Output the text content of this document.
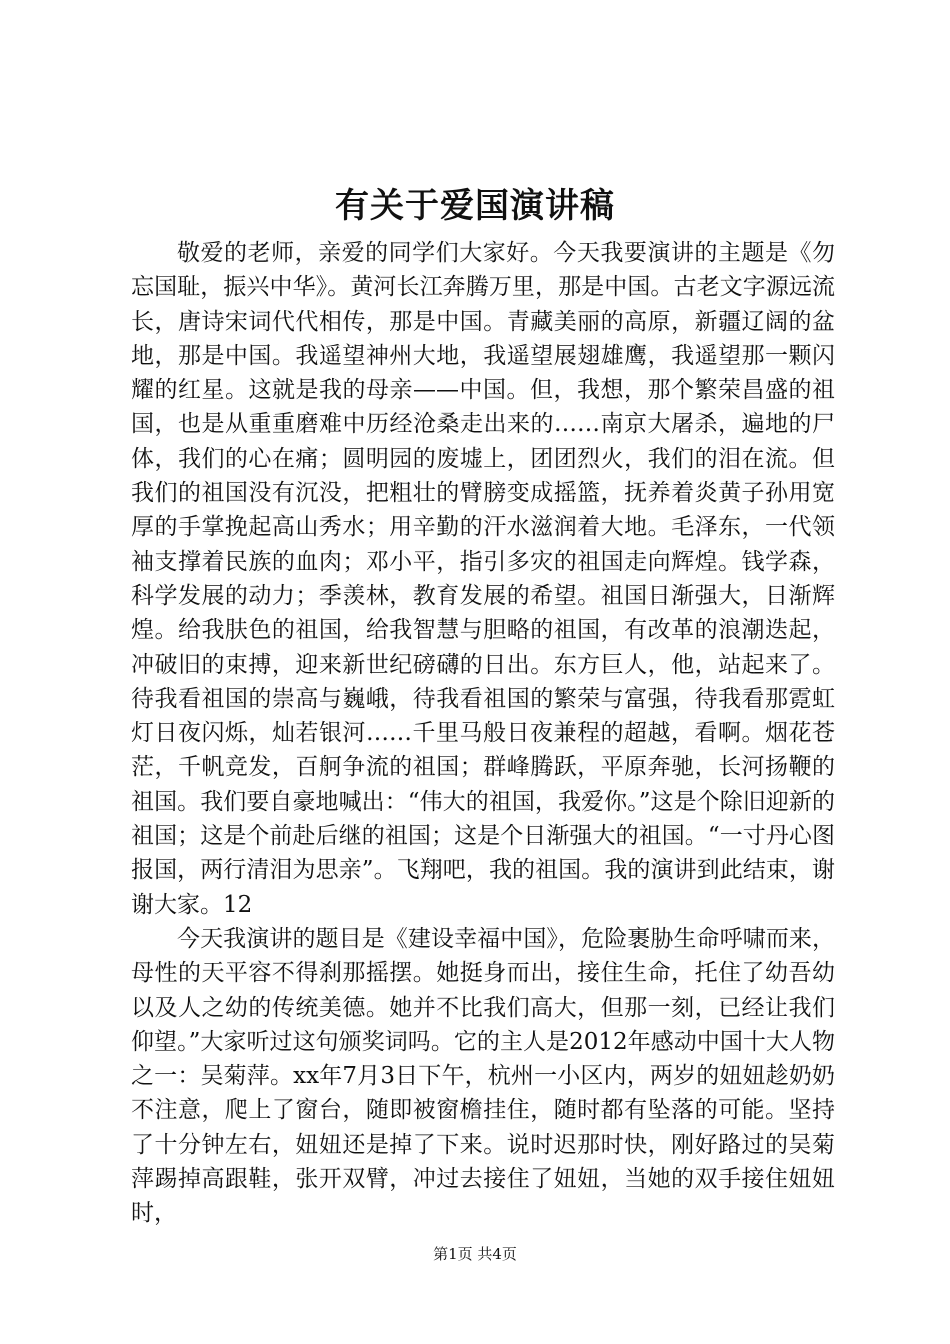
有关于爱国演讲稿

敬爱的老师，亲爱的同学们大家好。今天我要演讲的主题是《勿忘国耻，振兴中华》。黄河长江奔腾万里，那是中国。古老文字源远流长，唐诗宋词代代相传，那是中国。青藏美丽的高原，新疆辽阔的盆地，那是中国。我遥望神州大地，我遥望展翅雄鹰，我遥望那一颗闪耀的红星。这就是我的母亲——中国。但，我想，那个繁荣昌盛的祖国，也是从重重磨难中历经沧桑走出来的……南京大屠杀，遍地的尸体，我们的心在痛；圆明园的废墟上，团团烈火，我们的泪在流。但我们的祖国没有沉没，把粗壮的臂膀变成摇篮，抚养着炎黄子孙用宽厚的手掌挽起高山秀水；用辛勤的汗水滋润着大地。毛泽东，一代领袖支撑着民族的血肉；邓小平，指引多灾的祖国走向辉煌。钱学森，科学发展的动力；季羡林，教育发展的希望。祖国日渐强大，日渐辉煌。给我肤色的祖国，给我智慧与胆略的祖国，有改革的浪潮迭起，冲破旧的束搏，迎来新世纪磅礴的日出。东方巨人，他，站起来了。待我看祖国的崇高与巍峨，待我看祖国的繁荣与富强，待我看那霓虹灯日夜闪烁，灿若银河……千里马般日夜兼程的超越，看啊。烟花苍茫，千帆竞发，百舸争流的祖国；群峰腾跃，平原奔驰，长河扬鞭的祖国。我们要自豪地喊出：“伟大的祖国，我爱你。”这是个除旧迎新的祖国；这是个前赴后继的祖国；这是个日渐强大的祖国。“一寸丹心图报国，两行清泪为思亲”。飞翔吧，我的祖国。我的演讲到此结束，谢谢大家。12

今天我演讲的题目是《建设幸福中国》，危险裹胁生命呼啸而来，母性的天平容不得刹那摇摆。她挺身而出，接住生命，托住了幼吾幼以及人之幼的传统美德。她并不比我们高大，但那一刻，已经让我们仰望。”大家听过这句颁奖词吗。它的主人是2012年感动中国十大人物之一：吴菊萍。xx年7月3日下午，杭州一小区内，两岁的妞妞趁奶奶不注意，爬上了窗台，随即被窗檐挂住，随时都有坠落的可能。坚持了十分钟左右，妞妞还是掉了下来。说时迟那时快，刚好路过的吴菊萍踢掉高跟鞋，张开双臂，冲过去接住了妞妞，当她的双手接住妞妞时，

第1页 共4页
